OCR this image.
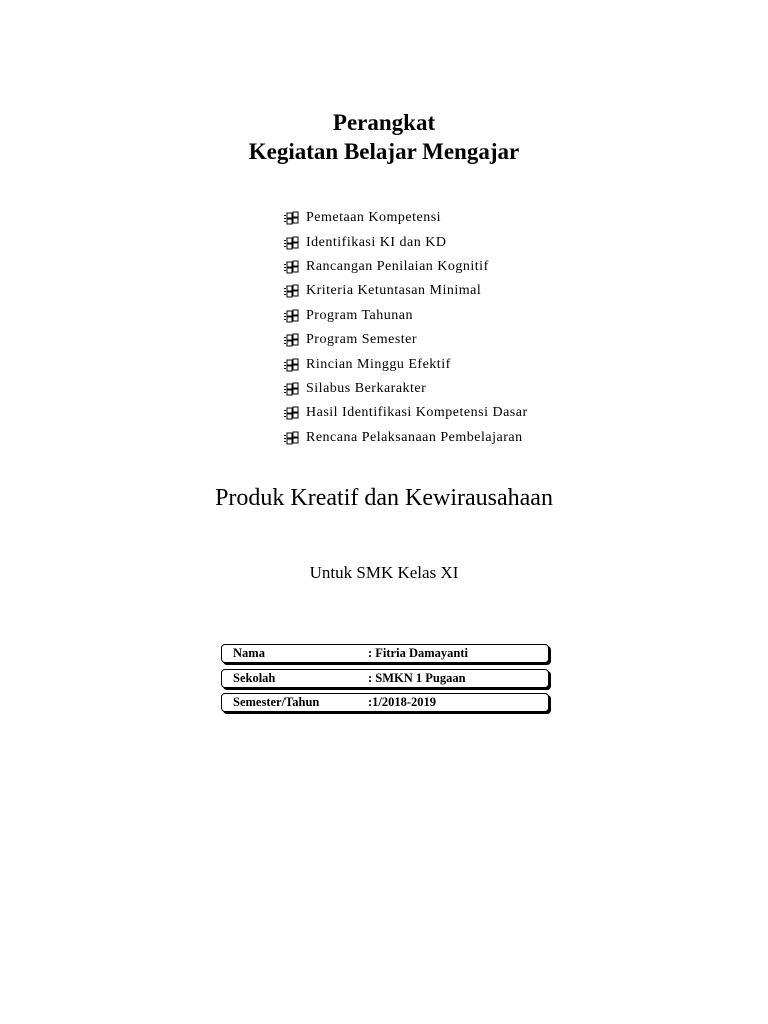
Perangkat
Kegiatan Belajar Mengajar
Pemetaan Kompetensi
Identifikasi KI dan KD
Rancangan Penilaian Kognitif
Kriteria Ketuntasan Minimal
Program Tahunan
Program Semester
Rincian Minggu Efektif
Silabus Berkarakter
Hasil Identifikasi Kompetensi Dasar
Rencana Pelaksanaan Pembelajaran
Produk Kreatif dan Kewirausahaan
Untuk SMK Kelas XI
Nama	: Fitria Damayanti
Sekolah	: SMKN 1 Pugaan
Semester/Tahun	:1/2018-2019
